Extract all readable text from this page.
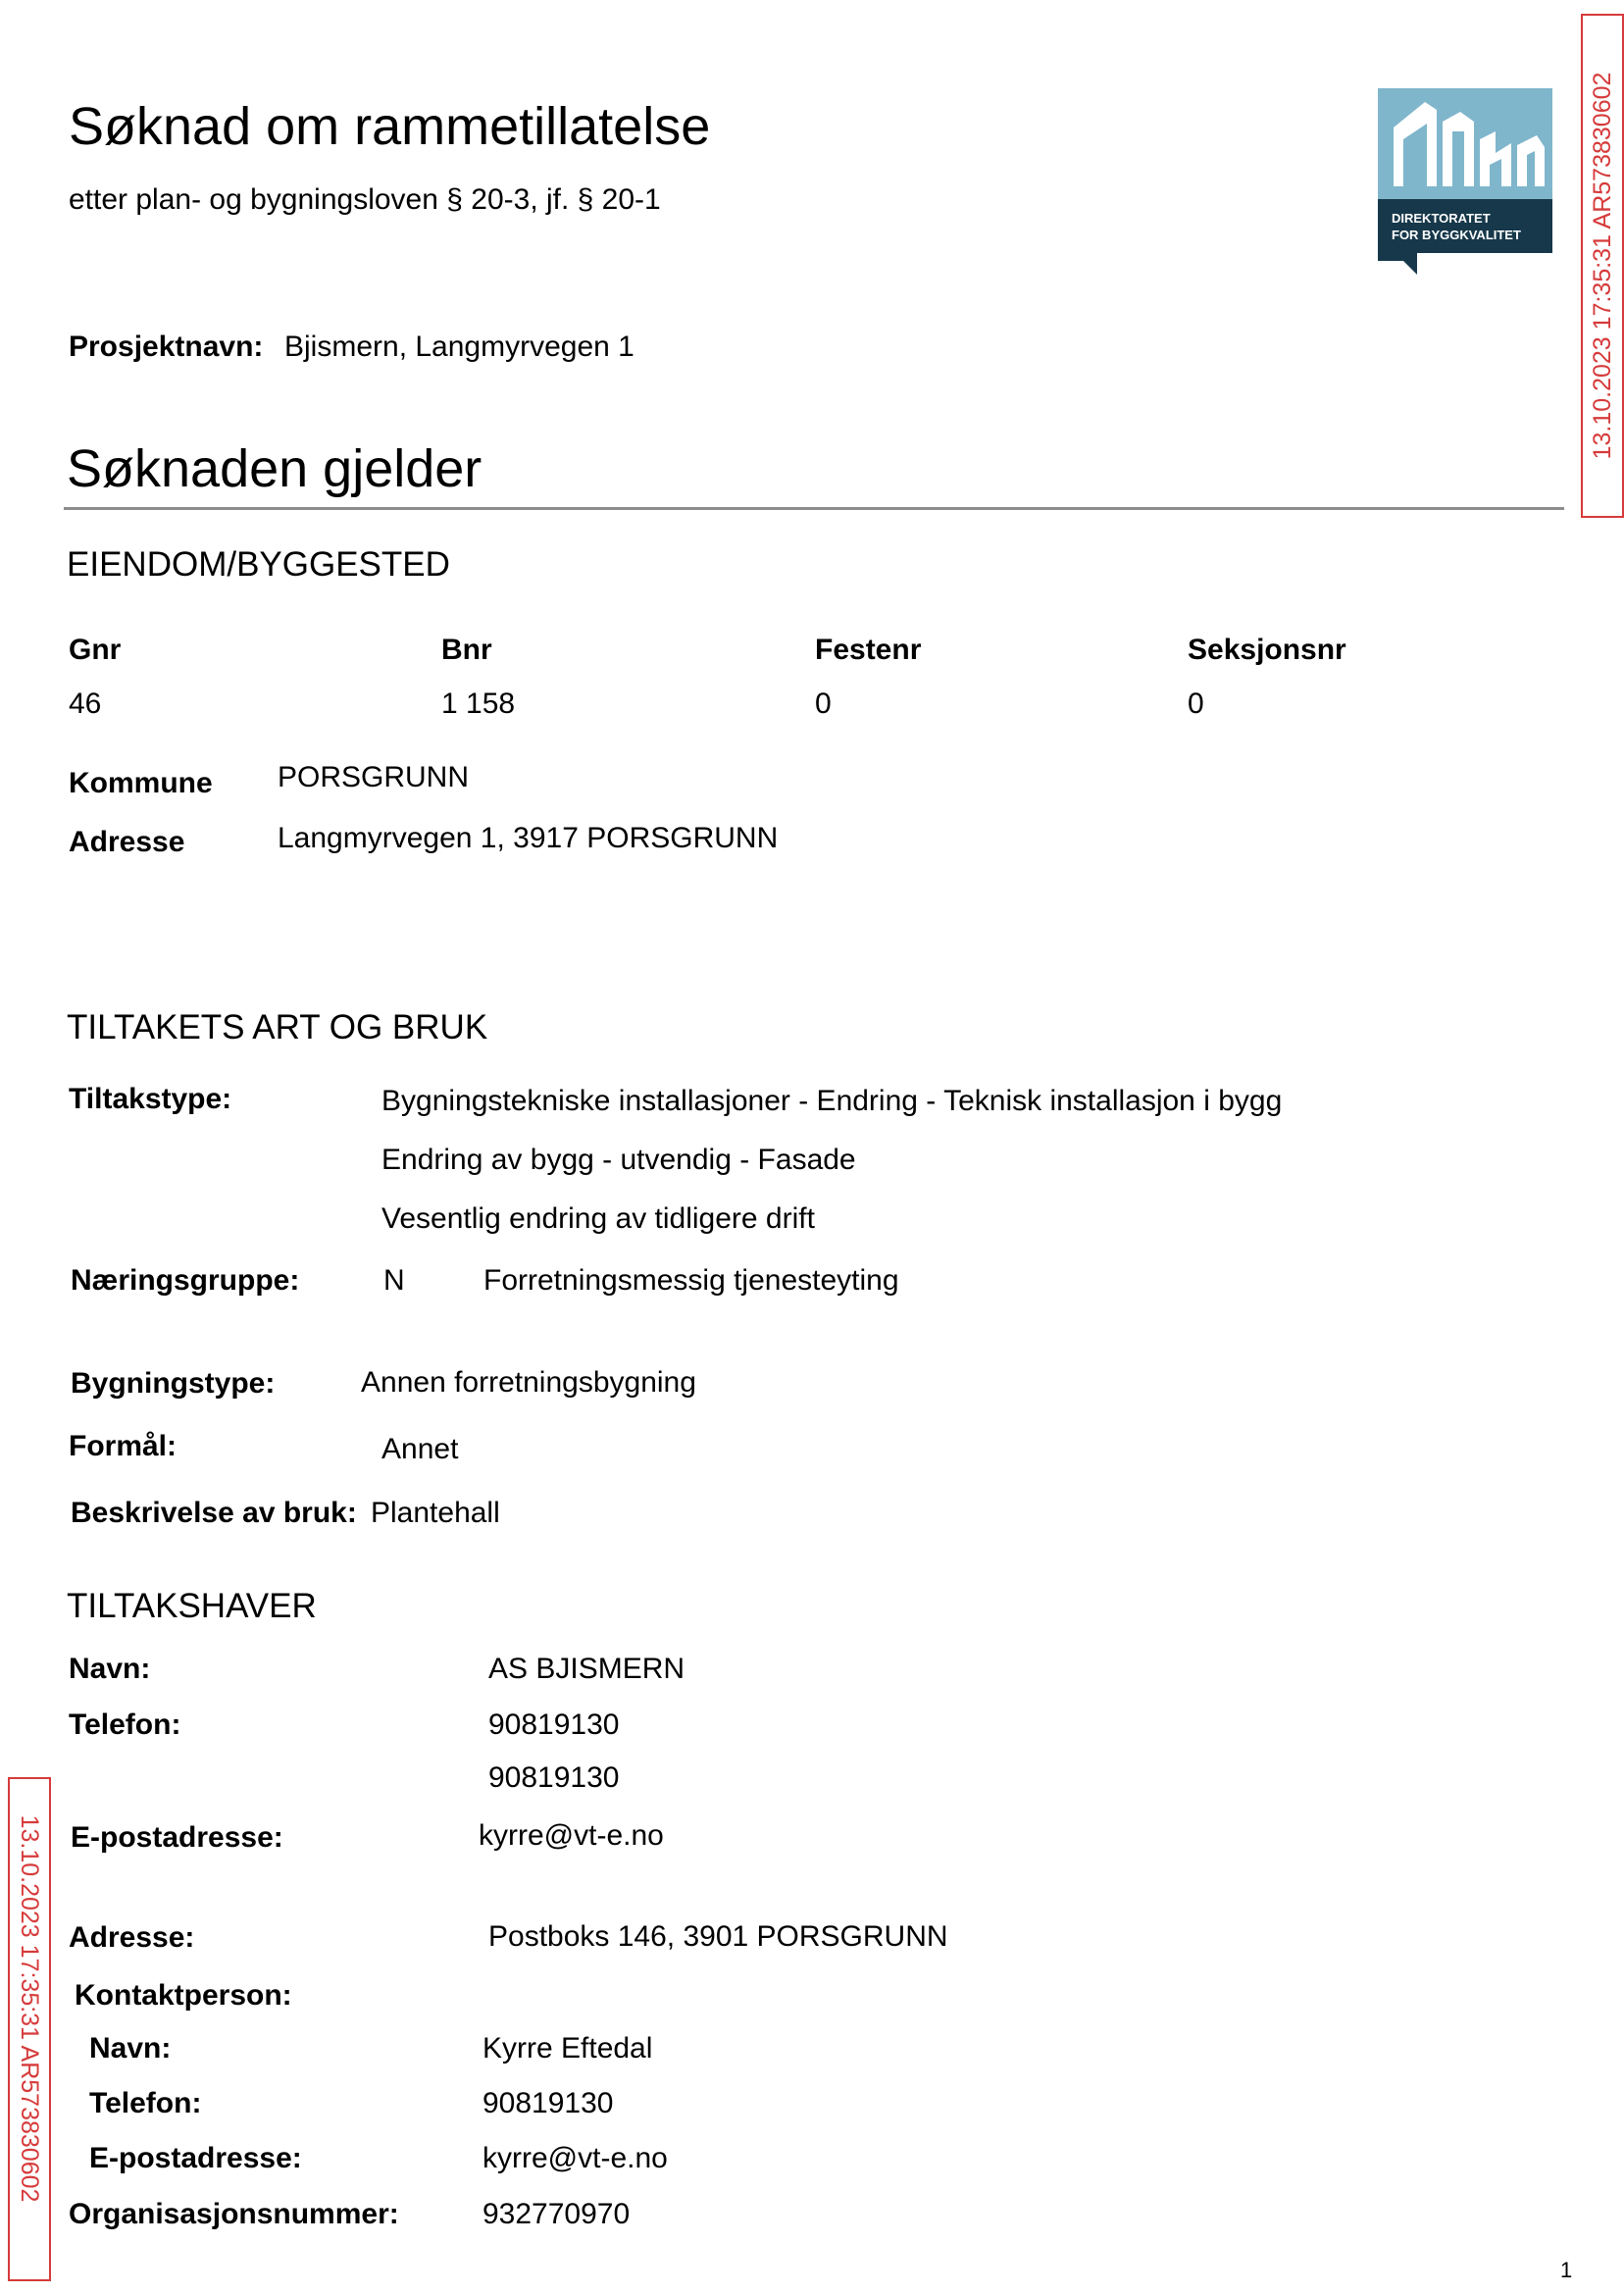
Søknad om rammetillatelse
etter plan- og bygningsloven § 20-3, jf. § 20-1
DIREKTORATET
FOR BYGGKVALITET	13.10.2023 17:35:31 AR573830602
13.10.2023 17:35:31 AR573830602
Prosjektnavn: Bjismern, Langmyrvegen 1
Søknaden gjelder
EIENDOM/BYGGESTED
Gnr
46
Bnr
1 158
Festenr
0
Seksjonsnr
0
Kommune PORSGRUNN
Adresse	Langmyrvegen 1, 3917 PORSGRUNN
TILTAKETS ART OG BRUK
Tiltakstype:	Bygningstekniske installasjoner - Endring - Teknisk installasjon i bygg
Endring av bygg - utvendig - Fasade
Vesentlig endring av tidligere drift
Næringsgruppe:	N	Forretningsmessig tjenesteyting
Bygningstype:	Annen forretningsbygning
Formål:	Annet
Beskrivelse av bruk: Plantehall
TILTAKSHAVER
Navn:	AS BJISMERN
Telefon:	90819130
90819130
E-postadresse:	kyrre@vt-e.no
Adresse:	Postboks 146, 3901 PORSGRUNN
Kontaktperson:
Navn:	Kyrre Eftedal
Telefon:	90819130
E-postadresse:	kyrre@vt-e.no
Organisasjonsnummer:	932770970
1
